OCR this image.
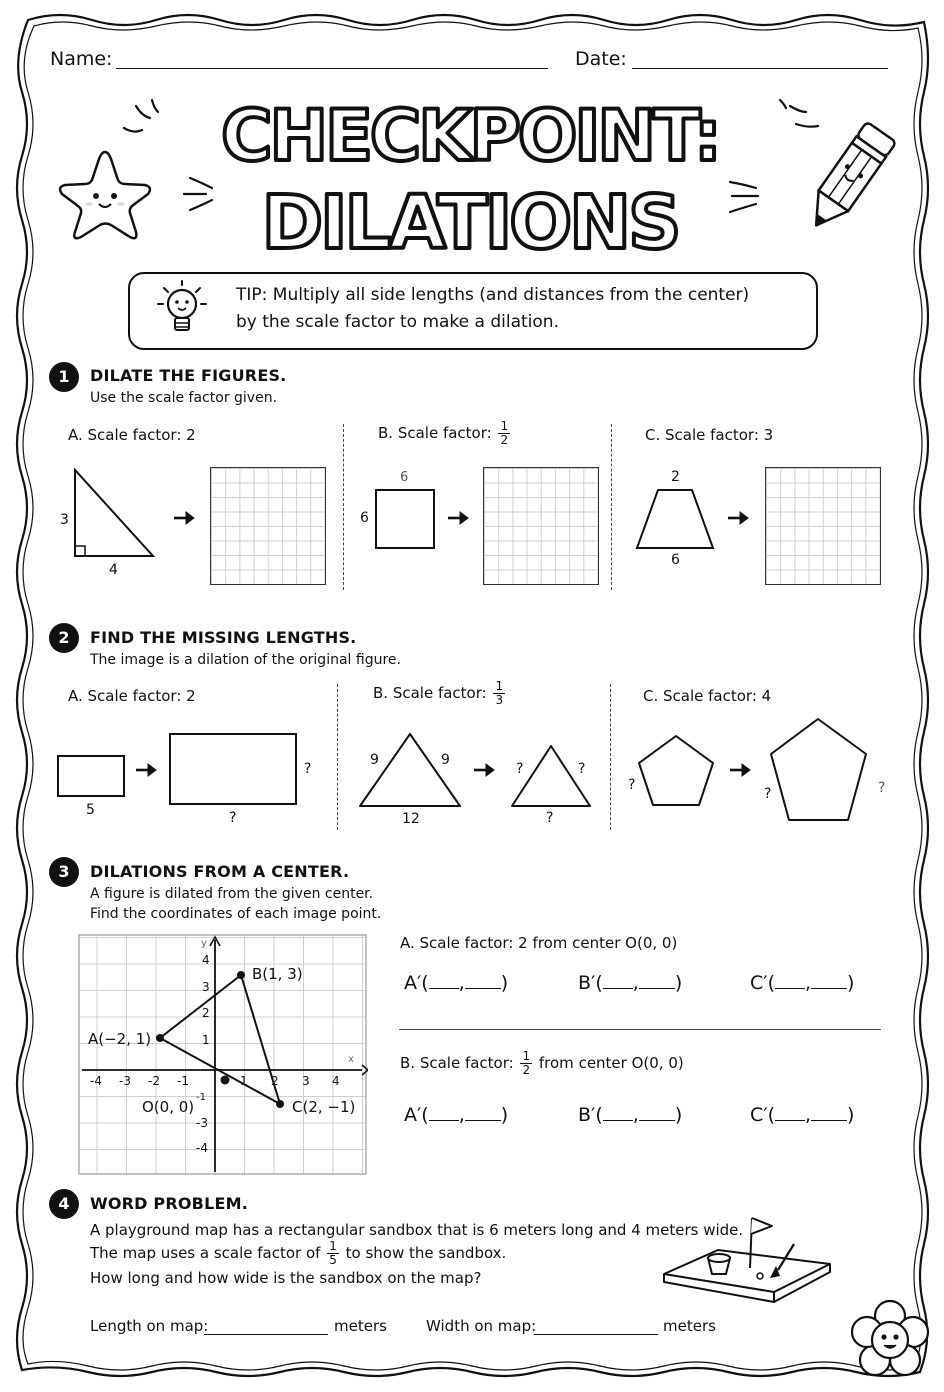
Name:	Date:
CHECKPOINT:
DILATIONS
TIP: Multiply all side lengths (and distances from the center)
by the scale factor to make a dilation.
1	DILATE THE FIGURES.
Use the scale factor given.
A. Scale factor: 2	B. Scale factor: $\frac{1}{2}$	C. Scale factor: 3
3
4
6
6
2
6
2	FIND THE MISSING LENGTHS.
The image is a dilation of the original figure.
A. Scale factor: 2	B. Scale factor: $\frac{1}{3}$	C. Scale factor: 4
5
?
?
9	9
12
?	?
?
?
?	?
3	DILATIONS FROM A CENTER.
A figure is dilated from the given center.
Find the coordinates of each image point.
x
y
-4 -3 -2 -1	1 2 3 4
4
3
2
1
-1
-3
-4
A(−2, 1)
B(1, 3)
C(2, −1)
O(0, 0)
A. Scale factor: 2 from center O(0, 0)
A′( , )	B′( , )	C′( , )
B. Scale factor: $\frac{1}{2}$ from center O(0, 0)
A′( , )	B′( , )	C′( , )
4	WORD PROBLEM.
A playground map has a rectangular sandbox that is 6 meters long and 4 meters wide.
The map uses a scale factor of $\frac{1}{5}$ to show the sandbox.
How long and how wide is the sandbox on the map?
Length on map:	meters	Width on map:	meters
